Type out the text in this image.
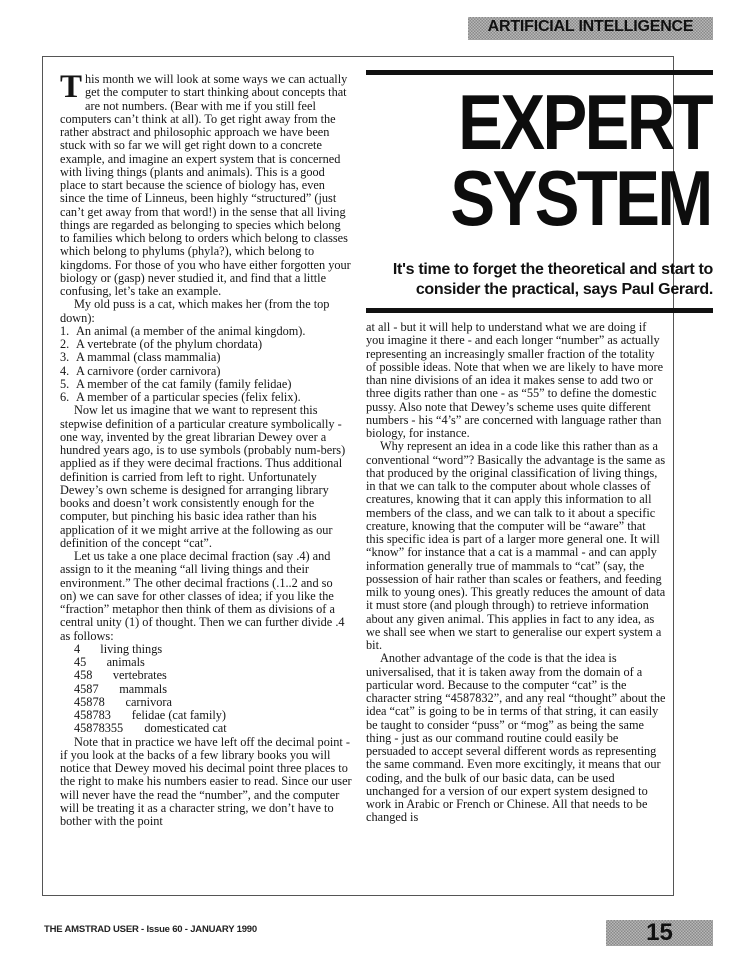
ARTIFICIAL INTELLIGENCE

This month we will look at some ways we can actually get the computer to start thinking about concepts that are not numbers. (Bear with me if you still feel computers can’t think at all). To get right away from the rather abstract and philosophic approach we have been stuck with so far we will get right down to a concrete example, and imagine an expert system that is concerned with living things (plants and animals). This is a good place to start because the science of biology has, even since the time of Linneus, been highly “structured” (just can’t get away from that word!) in the sense that all living things are regarded as belonging to species which belong to families which belong to orders which belong to classes which belong to phylums (phyla?), which belong to kingdoms. For those of you who have either forgotten your biology or (gasp) never studied it, and find that a little confusing, let’s take an example.

My old puss is a cat, which makes her (from the top down):

1. An animal (a member of the animal kingdom).
2. A vertebrate (of the phylum chordata)
3. A mammal (class mammalia)
4. A carnivore (order carnivora)
5. A member of the cat family (family felidae)
6. A member of a particular species (felix felix).

Now let us imagine that we want to represent this stepwise definition of a particular creature symbolically - one way, invented by the great librarian Dewey over a hundred years ago, is to use symbols (probably num-bers) applied as if they were decimal fractions. Thus additional definition is carried from left to right. Unfortunately Dewey’s own scheme is designed for arranging library books and doesn’t work consistently enough for the computer, but pinching his basic idea rather than his application of it we might arrive at the following as our definition of the concept “cat”.

Let us take a one place decimal fraction (say .4) and assign to it the meaning “all living things and their environment.” The other decimal fractions (.1..2 and so on) we can save for other classes of idea; if you like the “fraction” metaphor then think of them as divisions of a central unity (1) of thought. Then we can further divide .4 as follows:

4 living things
45 animals
458 vertebrates
4587 mammals
45878 carnivora
458783 felidae (cat family)
45878355 domesticated cat

Note that in practice we have left off the decimal point - if you look at the backs of a few library books you will notice that Dewey moved his decimal point three places to the right to make his numbers easier to read. Since our user will never have the read the “number”, and the computer will be treating it as a character string, we don’t have to bother with the point

EXPERT
SYSTEM
It's time to forget the theoretical and start to
consider the practical, says Paul Gerard.

at all - but it will help to understand what we are doing if you imagine it there - and each longer “number” as actually representing an increasingly smaller fraction of the totality of possible ideas. Note that when we are likely to have more than nine divisions of an idea it makes sense to add two or three digits rather than one - as “55” to define the domestic pussy. Also note that Dewey’s scheme uses quite different numbers - his “4’s” are concerned with language rather than biology, for instance.

Why represent an idea in a code like this rather than as a conventional “word”? Basically the advantage is the same as that produced by the original classification of living things, in that we can talk to the computer about whole classes of creatures, knowing that it can apply this information to all members of the class, and we can talk to it about a specific creature, knowing that the computer will be “aware” that this specific idea is part of a larger more general one. It will “know” for instance that a cat is a mammal - and can apply information generally true of mammals to “cat” (say, the possession of hair rather than scales or feathers, and feeding milk to young ones). This greatly reduces the amount of data it must store (and plough through) to retrieve information about any given animal. This applies in fact to any idea, as we shall see when we start to generalise our expert system a bit.

Another advantage of the code is that the idea is universalised, that it is taken away from the domain of a particular word. Because to the computer “cat” is the character string “4587832”, and any real “thought” about the idea “cat” is going to be in terms of that string, it can easily be taught to consider “puss” or “mog” as being the same thing - just as our command routine could easily be persuaded to accept several different words as representing the same command. Even more excitingly, it means that our coding, and the bulk of our basic data, can be used unchanged for a version of our expert system designed to work in Arabic or French or Chinese. All that needs to be changed is

THE AMSTRAD USER - Issue 60 - JANUARY 1990	15
